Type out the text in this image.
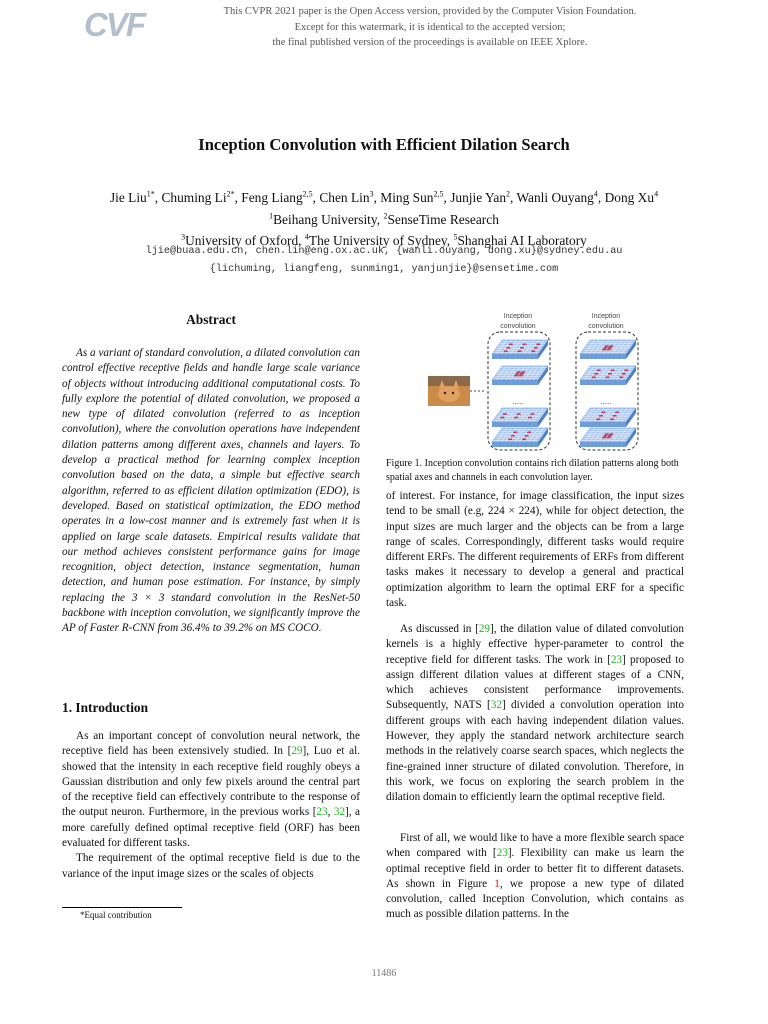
CVF	This CVPR 2021 paper is the Open Access version, provided by the Computer Vision Foundation.
Except for this watermark, it is identical to the accepted version;
the final published version of the proceedings is available on IEEE Xplore.
Inception Convolution with Efficient Dilation Search
Jie Liu$^{1*}$, Chuming $Li^{2*}$, Feng Liang$^{2,5}$, Chen Lin$^3$, Ming Sun$^{2,5}$, Junjie Yan$^2$, Wanli Ouyang$^4$, Dong Xu$^4$
$^1$Beihang University, $^2$SenseTime Research
$^3$University of Oxford, $^4$The University of Sydney, $^5$Shanghai AI Laboratory
ljie@buaa.edu.cn, chen.lin@eng.ox.ac.uk, {wanli.ouyang, dong.xu}@sydney.edu.au
{lichuming, liangfeng, sunming1, yanjunjie}@sensetime.com
Abstract

As a variant of standard convolution, a dilated convolution can control effective receptive fields and handle large scale variance of objects without introducing additional computational costs. To fully explore the potential of dilated convolution, we proposed a new type of dilated convolution (referred to as inception convolution), where the convolution operations have independent dilation patterns among different axes, channels and layers. To develop a practical method for learning complex inception convolution based on the data, a simple but effective search algorithm, referred to as efficient dilation optimization (EDO), is developed. Based on statistical optimization, the EDO method operates in a low-cost manner and is extremely fast when it is applied on large scale datasets. Empirical results validate that our method achieves consistent performance gains for image recognition, object detection, instance segmentation, human detection, and human pose estimation. For instance, by simply replacing the 3 × 3 standard convolution in the ResNet-50 backbone with inception convolution, we significantly improve the AP of Faster R-CNN from 36.4% to 39.2% on MS COCO.

1. Introduction

As an important concept of convolution neural network, the receptive field has been extensively studied. In [29], Luo et al. showed that the intensity in each receptive field roughly obeys a Gaussian distribution and only few pixels around the central part of the receptive field can effectively contribute to the response of the output neuron. Furthermore, in the previous works [23, 32], a more carefully defined optimal receptive field (ORF) has been evaluated for different tasks.

The requirement of the optimal receptive field is due to the variance of the input image sizes or the scales of objects

*Equal contribution
Inception
convolution
Inception
convolution
......	......
Figure 1. Inception convolution contains rich dilation patterns along both spatial axes and channels in each convolution layer.

of interest. For instance, for image classification, the input sizes tend to be small (e.g, 224 × 224), while for object detection, the input sizes are much larger and the objects can be from a large range of scales. Correspondingly, different tasks would require different ERFs. The different requirements of ERFs from different tasks makes it necessary to develop a general and practical optimization algorithm to learn the optimal ERF for a specific task.

As discussed in [29], the dilation value of dilated convolution kernels is a highly effective hyper-parameter to control the receptive field for different tasks. The work in [23] proposed to assign different dilation values at different stages of a CNN, which achieves consistent performance improvements. Subsequently, NATS [32] divided a convolution operation into different groups with each having independent dilation values. However, they apply the standard network architecture search methods in the relatively coarse search spaces, which neglects the fine-grained inner structure of dilated convolution. Therefore, in this work, we focus on exploring the search problem in the dilation domain to efficiently learn the optimal receptive field.

First of all, we would like to have a more flexible search space when compared with [23]. Flexibility can make us learn the optimal receptive field in order to better fit to different datasets. As shown in Figure 1, we propose a new type of dilated convolution, called Inception Convolution, which contains as much as possible dilation patterns. In the

11486
